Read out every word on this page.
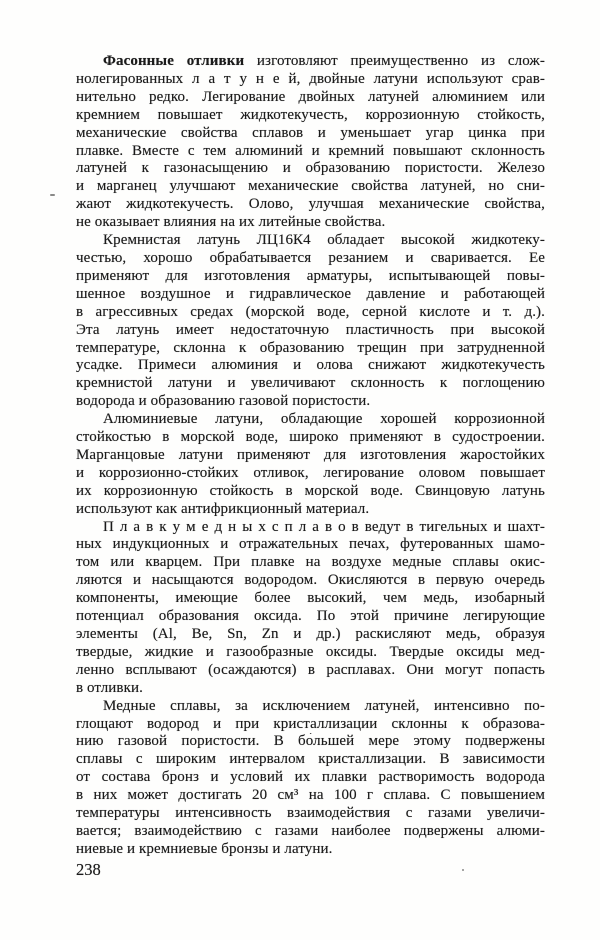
Фасонные отливки изготовляют преимущественно из слож-
нолегированных л а т у н е й, двойные латуни используют срав-
нительно редко. Легирование двойных латуней алюминием или
кремнием повышает жидкотекучесть, коррозионную стойкость,
механические свойства сплавов и уменьшает угар цинка при
плавке. Вместе с тем алюминий и кремний повышают склонность
латуней к газонасыщению и образованию пористости. Железо
и марганец улучшают механические свойства латуней, но сни-
жают жидкотекучесть. Олово, улучшая механические свойства,
не оказывает влияния на их литейные свойства.
Кремнистая латунь ЛЦ16К4 обладает высокой жидкотеку-
честью, хорошо обрабатывается резанием и сваривается. Ее
применяют для изготовления арматуры, испытывающей повы-
шенное воздушное и гидравлическое давление и работающей
в агрессивных средах (морской воде, серной кислоте и т. д.).
Эта латунь имеет недостаточную пластичность при высокой
температуре, склонна к образованию трещин при затрудненной
усадке. Примеси алюминия и олова снижают жидкотекучесть
кремнистой латуни и увеличивают склонность к поглощению
водорода и образованию газовой пористости.
Алюминиевые латуни, обладающие хорошей коррозионной
стойкостью в морской воде, широко применяют в судостроении.
Марганцовые латуни применяют для изготовления жаростойких
и коррозионно-стойких отливок, легирование оловом повышает
их коррозионную стойкость в морской воде. Свинцовую латунь
используют как антифрикционный материал.
П л а в к у м е д н ы х с п л а в о в ведут в тигельных и шахт-
ных индукционных и отражательных печах, футерованных шамо-
том или кварцем. При плавке на воздухе медные сплавы окис-
ляются и насыщаются водородом. Окисляются в первую очередь
компоненты, имеющие более высокий, чем медь, изобарный
потенциал образования оксида. По этой причине легирующие
элементы (Al, Be, Sn, Zn и др.) раскисляют медь, образуя
твердые, жидкие и газообразные оксиды. Твердые оксиды мед-
ленно всплывают (осаждаются) в расплавах. Они могут попасть
в отливки.
Медные сплавы, за исключением латуней, интенсивно по-
глощают водород и при кристаллизации склонны к образова-
нию газовой пористости. В бо́льшей мере этому подвержены
сплавы с широким интервалом кристаллизации. В зависимости
от состава бронз и условий их плавки растворимость водорода
в них может достигать 20 см³ на 100 г сплава. С повышением
температуры интенсивность взаимодействия с газами увеличи-
вается; взаимодействию с газами наиболее подвержены алюми-
ниевые и кремниевые бронзы и латуни.
238
